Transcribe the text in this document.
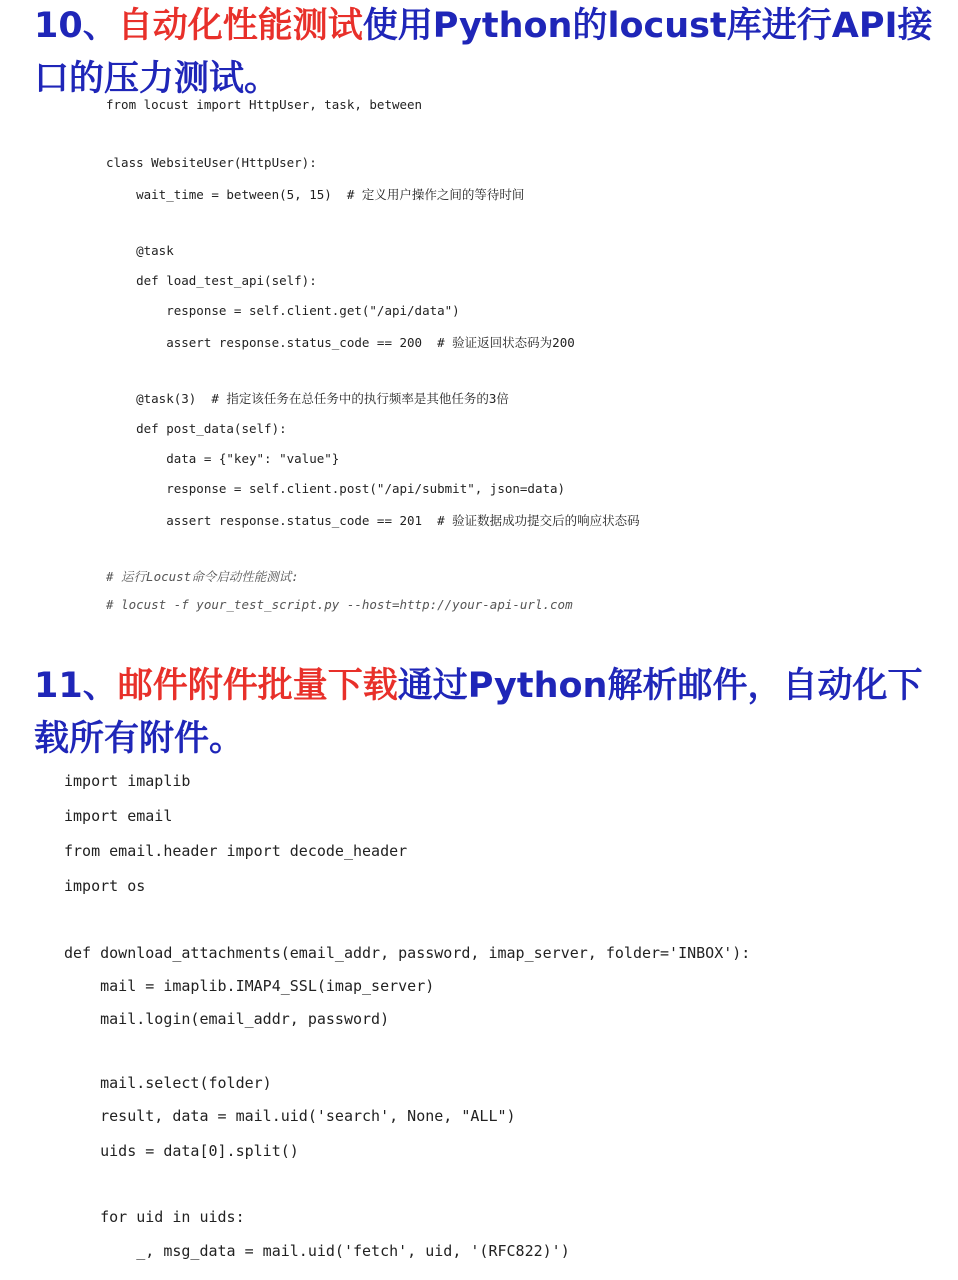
10、自动化性能测试使用Python的locust库进行API接口的压力测试。
from locust import HttpUser, task, between
class WebsiteUser(HttpUser):
wait_time = between(5, 15)  # 定义用户操作之间的等待时间
@task
def load_test_api(self):
response = self.client.get("/api/data")
assert response.status_code == 200  # 验证返回状态码为200
@task(3)  # 指定该任务在总任务中的执行频率是其他任务的3倍
def post_data(self):
data = {"key": "value"}
response = self.client.post("/api/submit", json=data)
assert response.status_code == 201  # 验证数据成功提交后的响应状态码
# 运行Locust命令启动性能测试:
# locust -f your_test_script.py --host=http://your-api-url.com
11、邮件附件批量下载通过Python解析邮件，自动化下载所有附件。
import imaplib
import email
from email.header import decode_header
import os
def download_attachments(email_addr, password, imap_server, folder='INBOX'):
mail = imaplib.IMAP4_SSL(imap_server)
mail.login(email_addr, password)
mail.select(folder)
result, data = mail.uid('search', None, "ALL")
uids = data[0].split()
for uid in uids:
_, msg_data = mail.uid('fetch', uid, '(RFC822)')
